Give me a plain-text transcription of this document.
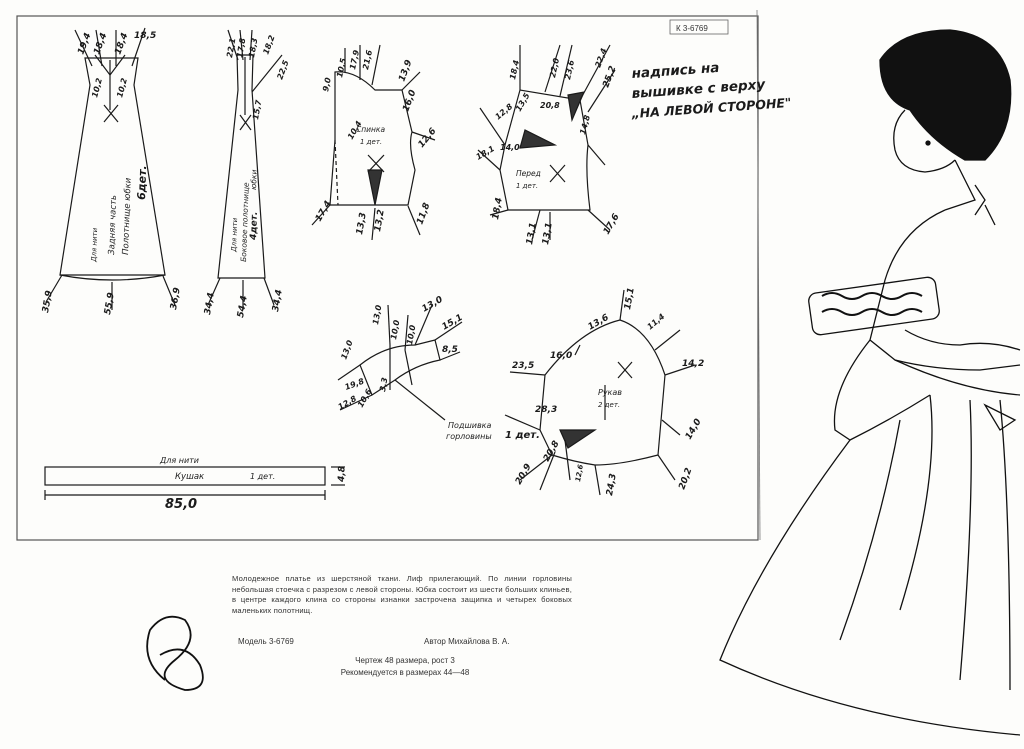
К 3-6769
19,4 18,4 18,4 18,5
10,2 10,2
Задняя часть Полотнище юбки 6дет.
Для нити
35,9	55,9	36,9
22,1
17,8 18,3 18,2
22,5
15,7
Боковое полотнище
юбки
4дет.
Для нити
34,4 54,4 34,4
9,0
10,5 17,9 21,6	13,9
16,0
12,6
10,4
13,3 13,2
17,4	11,8
Спинка
1 дет.
18,4	22,0 23,6
22,4
25,2
20,8
14,8
12,8
18,1 14,0
18,4
13,1 13,1	17,6
13,5
Перед
1 дет.
13,0
13,0	13,0
15,1
8,5
10,0
10,0
19,8
12,8
10,6
3,3
Подшивка
горловины 1 дет.
23,5
16,0
13,6
15,1
11,4
14,2
28,3
14,0
20,9
20,8
24,3	20,2
12,6
Рукав
2 дет.
Для нити
Кушак	1 дет.
85,0
4,8
надпись на
вышивке с верху
„НА ЛЕВОЙ СТОРОНЕ"
Молодежное платье из шерстяной ткани. Лиф прилегающий. По линии горловины небольшая стоечка с разрезом с левой стороны. Юбка состоит из шести больших клиньев, в центре каждого клина со стороны изнанки застрочена защипка и четырех боковых маленьких полотнищ.
Модель 3-6769	Автор Михайлова В. А.
Чертеж 48 размера, рост 3
Рекомендуется в размерах 44—48
